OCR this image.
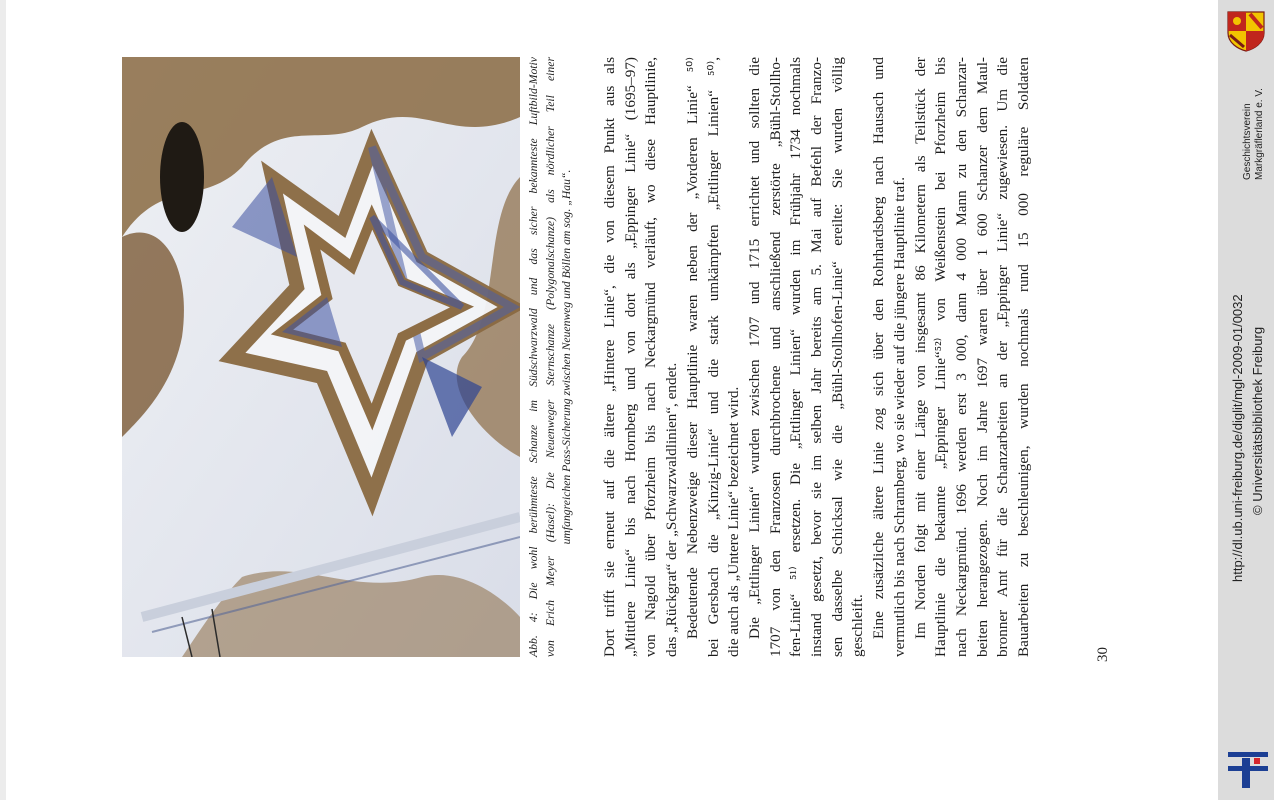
Abb. 4: Die wohl berühmteste Schanze im Südschwarzwald und das sicher bekannteste Luftbild-Motiv von Erich Meyer (Hasel): Die Neuenweger Sternschanze (Polygonalschanze) als nördlicher Teil einer umfangreichen Pass-Sicherung zwischen Neuenweg und Böllen am sog. „Hau“. Dort trifft sie erneut auf die ältere „Hintere Linie“, die von diesem Punkt aus als „Mittlere Linie“ bis nach Hornberg und von dort als „Eppinger Linie“ (1695–97) von Nagold über Pforzheim bis nach Neckargmünd verläuft, wo diese Hauptlinie, das „Rückgrat“ der „Schwarzwaldlinien“, endet. Bedeutende Nebenzweige dieser Hauptlinie waren neben der „Vorderen Linie“ ⁵⁰⁾ bei Gersbach die „Kinzig-Linie“ und die stark umkämpften „Ettlinger Linien“ ⁵⁰⁾, die auch als „Untere Linie“ bezeichnet wird. Die „Ettlinger Linien“ wurden zwischen 1707 und 1715 errichtet und sollten die 1707 von den Franzosen durchbrochene und anschließend zerstörte „Bühl-Stollho- fen-Linie“ ⁵¹⁾ ersetzen. Die „Ettlinger Linien“ wurden im Frühjahr 1734 nochmals instand gesetzt, bevor sie im selben Jahr bereits am 5. Mai auf Befehl der Franzo- sen dasselbe Schicksal wie die „Bühl-Stollhofen-Linie“ ereilte: Sie wurden völlig geschleift. Eine zusätzliche ältere Linie zog sich über den Rohrhardsberg nach Hausach und vermutlich bis nach Schramberg, wo sie wieder auf die jüngere Hauptlinie traf. Im Norden folgt mit einer Länge von insgesamt 86 Kilometern als Teilstück der Hauptlinie die bekannte „Eppinger Linie“⁵²⁾ von Weißenstein bei Pforzheim bis nach Neckargmünd. 1696 werden erst 3 000, dann 4 000 Mann zu den Schanzar- beiten herangezogen. Noch im Jahre 1697 waren über 1 600 Schanzer dem Maul- bronner Amt für die Schanzarbeiten an der „Eppinger Linie“ zugewiesen. Um die Bauarbeiten zu beschleunigen, wurden nochmals rund 15 000 reguläre Soldaten	30
Geschichtsverein Markgräflerland e. V.
http://dl.ub.uni-freiburg.de/diglit/mgl-2009-01/0032 © Universitätsbibliothek Freiburg
